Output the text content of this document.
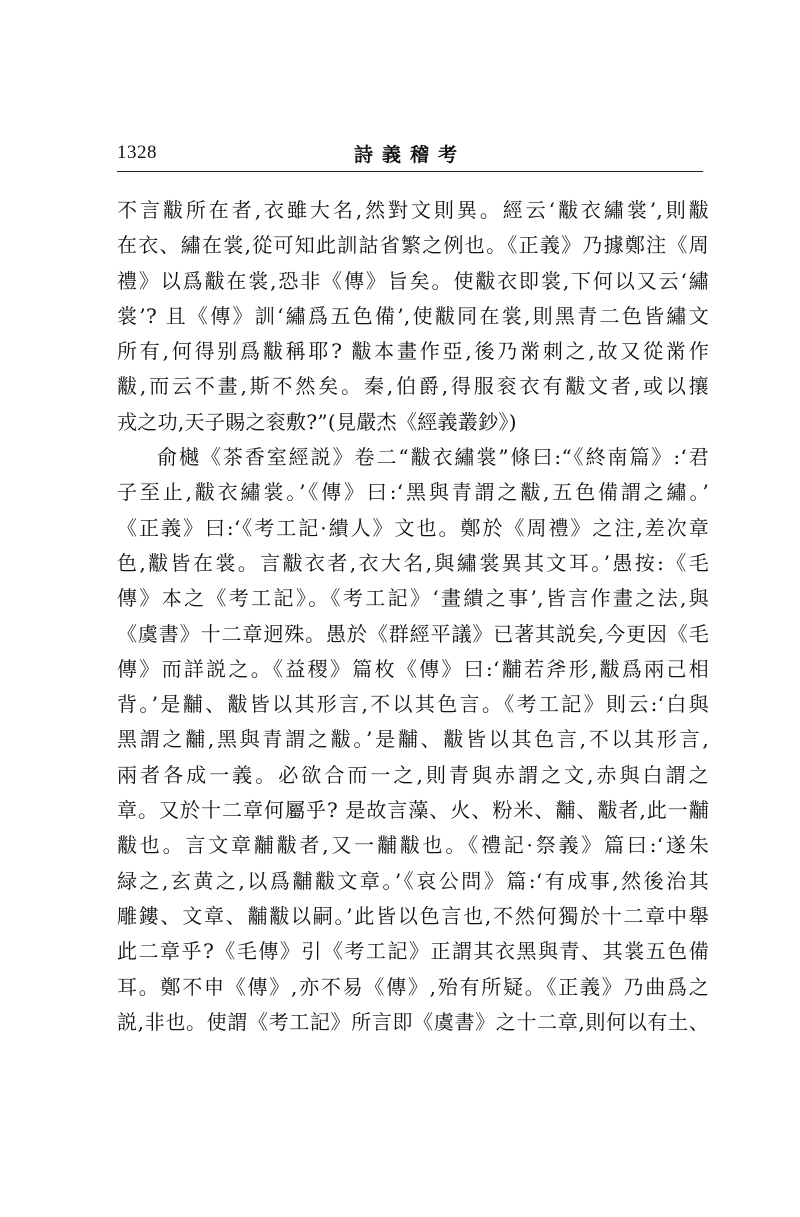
1328	詩義稽考
不言黻所在者,衣雖大名,然對文則異。經云‘黻衣繡裳’,則黻
在衣、繡在裳,從可知此訓詁省繁之例也。《正義》乃據鄭注《周
禮》以爲黻在裳,恐非《傳》旨矣。使黻衣即裳,下何以又云‘繡
裳’? 且《傳》訓‘繡爲五色備’,使黻同在裳,則黑青二色皆繡文
所有,何得别爲黻稱耶? 黻本畫作亞,後乃黹刺之,故又從黹作
黻,而云不畫,斯不然矣。秦,伯爵,得服衮衣有黻文者,或以攘
戎之功,天子賜之衮敷?”(見嚴杰《經義叢鈔》)
俞樾《茶香室經説》卷二“黻衣繡裳”條曰:“《終南篇》:‘君
子至止,黻衣繡裳。’《傳》曰:‘黑與青謂之黻,五色備謂之繡。’
《正義》曰:‘《考工記·繢人》文也。鄭於《周禮》之注,差次章
色,黻皆在裳。言黻衣者,衣大名,與繡裳異其文耳。’愚按:《毛
傳》本之《考工記》。《考工記》‘畫繢之事’,皆言作畫之法,與
《虞書》十二章迥殊。愚於《群經平議》已著其説矣,今更因《毛
傳》而詳説之。《益稷》篇枚《傳》曰:‘黼若斧形,黻爲兩己相
背。’是黼、黻皆以其形言,不以其色言。《考工記》則云:‘白與
黑謂之黼,黑與青謂之黻。’是黼、黻皆以其色言,不以其形言,
兩者各成一義。必欲合而一之,則青與赤謂之文,赤與白謂之
章。又於十二章何屬乎? 是故言藻、火、粉米、黼、黻者,此一黼
黻也。言文章黼黻者,又一黼黻也。《禮記·祭義》篇曰:‘遂朱
緑之,玄黄之,以爲黼黻文章。’《哀公問》篇:‘有成事,然後治其
雕鏤、文章、黼黻以嗣。’此皆以色言也,不然何獨於十二章中舉
此二章乎?《毛傳》引《考工記》正謂其衣黑與青、其裳五色備
耳。鄭不申《傳》,亦不易《傳》,殆有所疑。《正義》乃曲爲之
説,非也。使謂《考工記》所言即《虞書》之十二章,則何以有土、
